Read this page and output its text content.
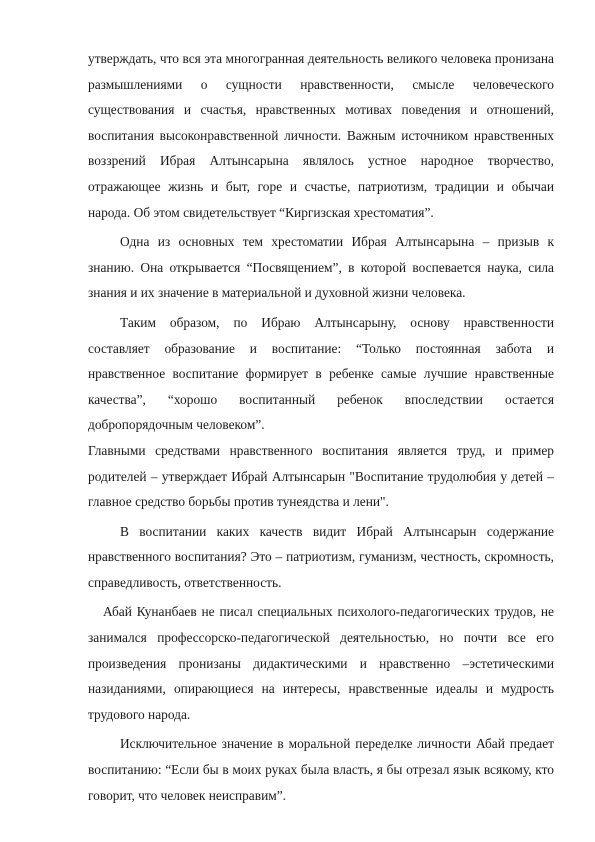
утверждать, что вся эта многогранная деятельность великого человека пронизана размышлениями о сущности нравственности, смысле человеческого существования и счастья, нравственных мотивах поведения и отношений, воспитания высоконравственной личности. Важным источником нравственных воззрений Ибрая Алтынсарына являлось устное народное творчество, отражающее жизнь и быт, горе и счастье, патриотизм, традиции и обычаи народа. Об этом свидетельствует “Киргизская хрестоматия”.

Одна из основных тем хрестоматии Ибрая Алтынсарына – призыв к знанию. Она открывается “Посвящением”, в которой воспевается наука, сила знания и их значение в материальной и духовной жизни человека.

Таким образом, по Ибраю Алтынсарыну, основу нравственности составляет образование и воспитание: “Только постоянная забота и нравственное воспитание формирует в ребенке самые лучшие нравственные качества”, “хорошо воспитанный ребенок впоследствии остается добропорядочным человеком”.

Главными средствами нравственного воспитания является труд, и пример родителей – утверждает Ибрай Алтынсарын "Воспитание трудолюбия у детей – главное средство борьбы против тунеядства и лени".

В воспитании каких качеств видит Ибрай Алтынсарын содержание нравственного воспитания? Это – патриотизм, гуманизм, честность, скромность, справедливость, ответственность.

Абай Кунанбаев не писал специальных психолого-педагогических трудов, не занимался профессорско-педагогической деятельностью, но почти все его произведения пронизаны дидактическими и нравственно –эстетическими назиданиями, опирающиеся на интересы, нравственные идеалы и мудрость трудового народа.

Исключительное значение в моральной переделке личности Абай предает воспитанию: “Если бы в моих руках была власть, я бы отрезал язык всякому, кто говорит, что человек неисправим”.
